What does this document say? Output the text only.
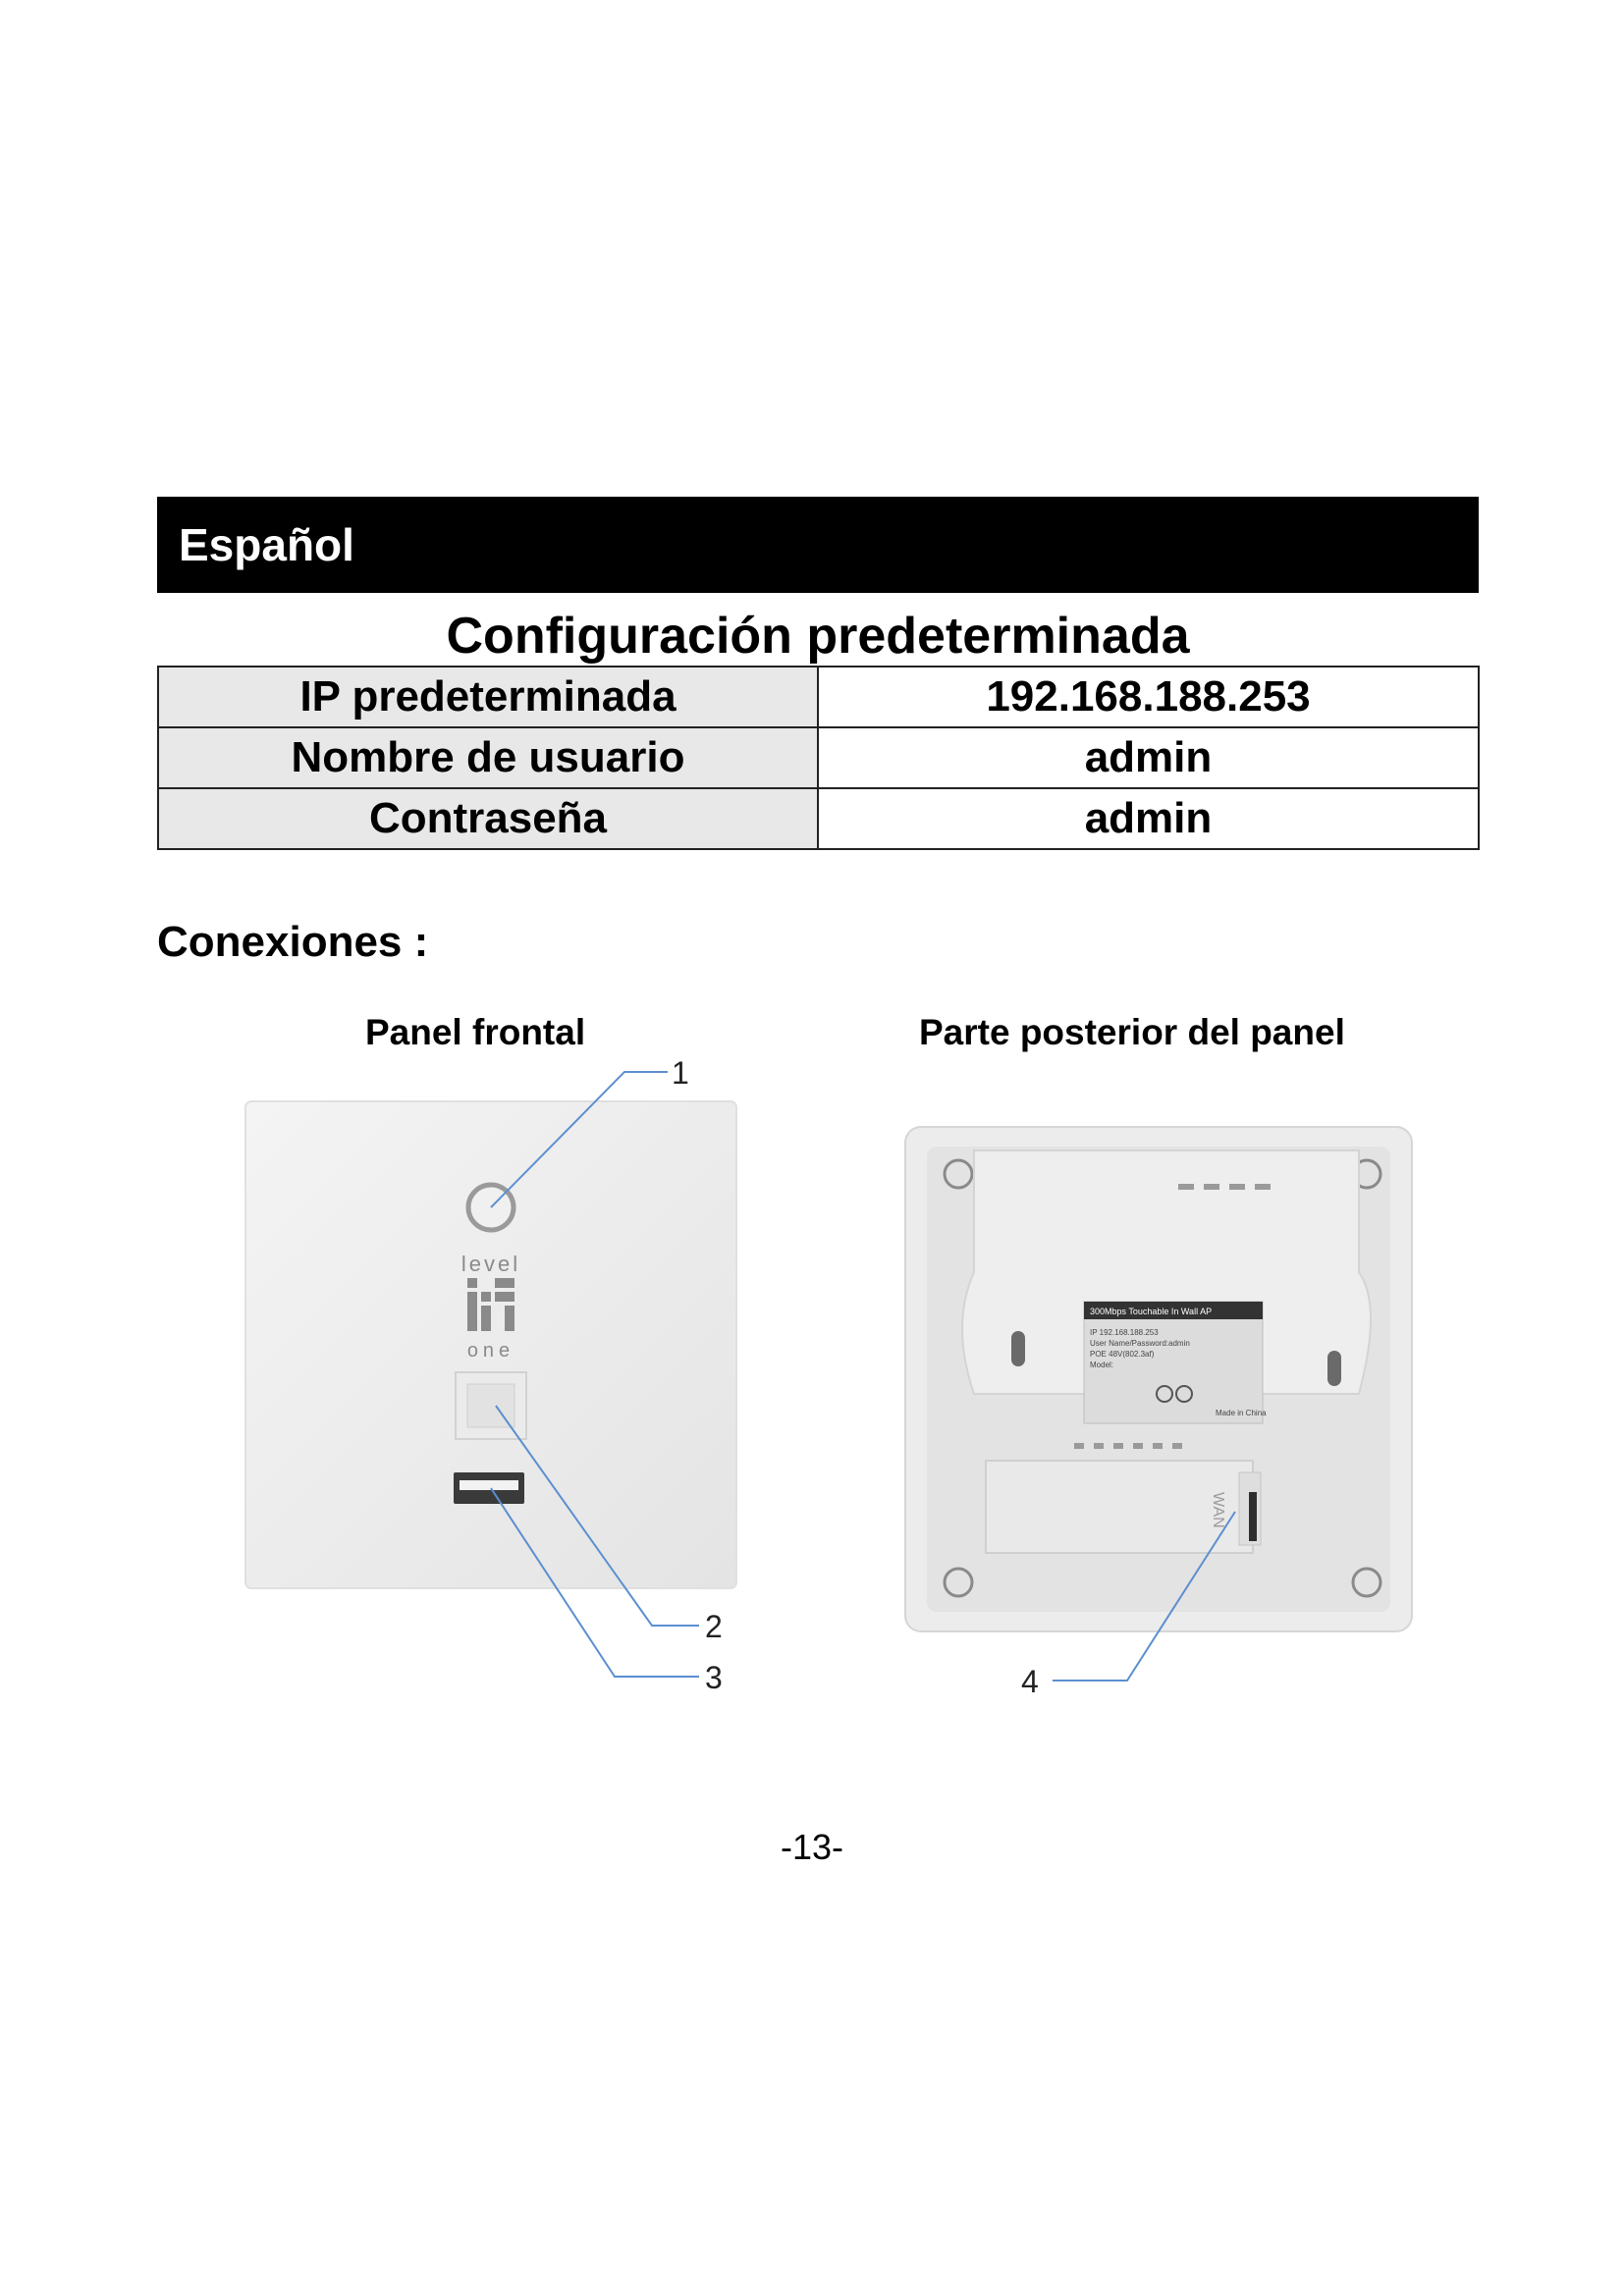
Español
Configuración predeterminada
IP predeterminada	192.168.188.253
Nombre de usuario	admin
Contraseña	admin
Conexiones :
Panel frontal	Parte posterior del panel
level
one
1
2
3
300Mbps Touchable In Wall AP
IP 192.168.188.253
User Name/Password:admin
POE 48V(802.3af)
Model:
Made in China
WAN
4
-13-
